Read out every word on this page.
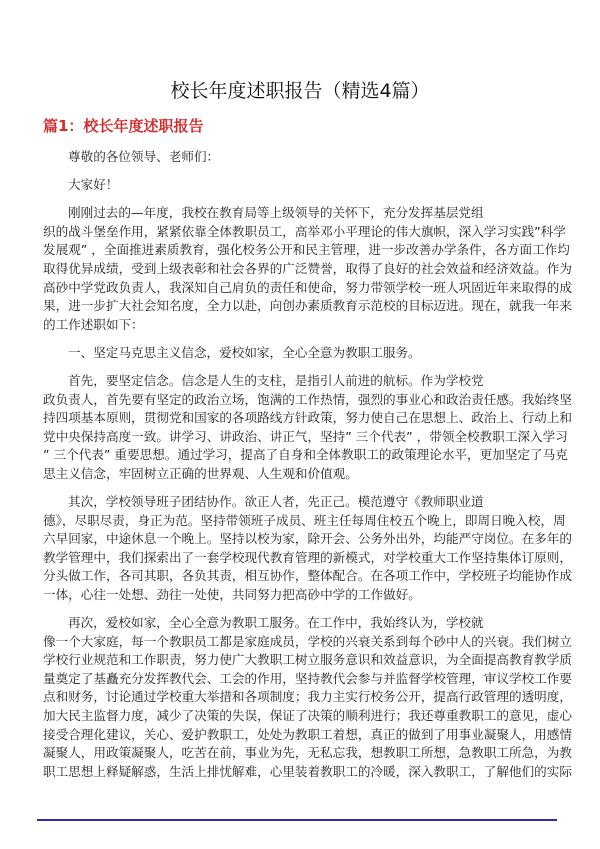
校长年度述职报告（精选4篇）
篇1：校长年度述职报告
尊敬的各位领导、老师们：
大家好！
刚刚过去的—年度，我校在教育局等上级领导的关怀下，充分发挥基层党组
织的战斗堡垒作用，紧紧依靠全体教职员工，高举邓小平理论的伟大旗帜，深入学习实践”科学
发展观” ，全面推进素质教育，强化校务公开和民主管理，进一步改善办学条件，各方面工作均
取得优异成绩，受到上级表彰和社会各界的广泛赞誉，取得了良好的社会效益和经济效益。作为
高砂中学党政负责人，我深知自己肩负的责任和使命，努力带领学校一班人巩固近年来取得的成
果，进一步扩大社会知名度，全力以赴，向创办素质教育示范校的目标迈进。现在，就我一年来
的工作述职如下：
一、坚定马克思主义信念，爱校如家，全心全意为教职工服务。
首先，要坚定信念。信念是人生的支柱，是指引人前进的航标。作为学校党
政负责人，首先要有坚定的政治立场，饱满的工作热情，强烈的事业心和政治责任感。我始终坚
持四项基本原则，贯彻党和国家的各项路线方针政策，努力使自己在思想上、政治上、行动上和
党中央保持高度一致。讲学习、讲政治、讲正气，坚持” 三个代表” ，带领全校教职工深入学习
” 三个代表” 重要思想。通过学习，提高了自身和全体教职工的政策理论水平，更加坚定了马克
思主义信念，牢固树立正确的世界观、人生观和价值观。
其次，学校领导班子团结协作。欲正人者，先正己。模范遵守《教师职业道
德》，尽职尽责，身正为范。坚持带领班子成员、班主任每周住校五个晚上，即周日晚入校，周
六早回家，中途休息一个晚上。坚持以校为家，除开会、公务外出外，均能严守岗位。在多年的
教学管理中，我们探索出了一套学校现代教育管理的新模式，对学校重大工作坚持集体订原则，
分头做工作，各司其职，各负其责，相互协作，整体配合。在各项工作中，学校班子均能协作成
一体，心往一处想、劲往一处使，共同努力把高砂中学的工作做好。
再次，爱校如家，全心全意为教职工服务。在工作中，我始终认为，学校就
像一个大家庭，每一个教职员工都是家庭成员，学校的兴衰关系到每个砂中人的兴衰。我们树立
学校行业规范和工作职责，努力使广大教职工树立服务意识和效益意识，为全面提高教育教学质
量奠定了基矗充分发挥教代会、工会的作用，坚持教代会参与并监督学校管理，审议学校工作要
点和财务，讨论通过学校重大举措和各项制度；我力主实行校务公开，提高行政管理的透明度，
加大民主监督力度，减少了决策的失误，保证了决策的顺利进行；我还尊重教职工的意见，虚心
接受合理化建议，关心、爱护教职工，处处为教职工着想，真正的做到了用事业凝聚人，用感情
凝聚人，用政策凝聚人，吃苦在前，事业为先，无私忘我，想教职工所想，急教职工所急，为教
职工思想上释疑解惑，生活上排忧解难，心里装着教职工的冷暖，深入教职工，了解他们的实际
